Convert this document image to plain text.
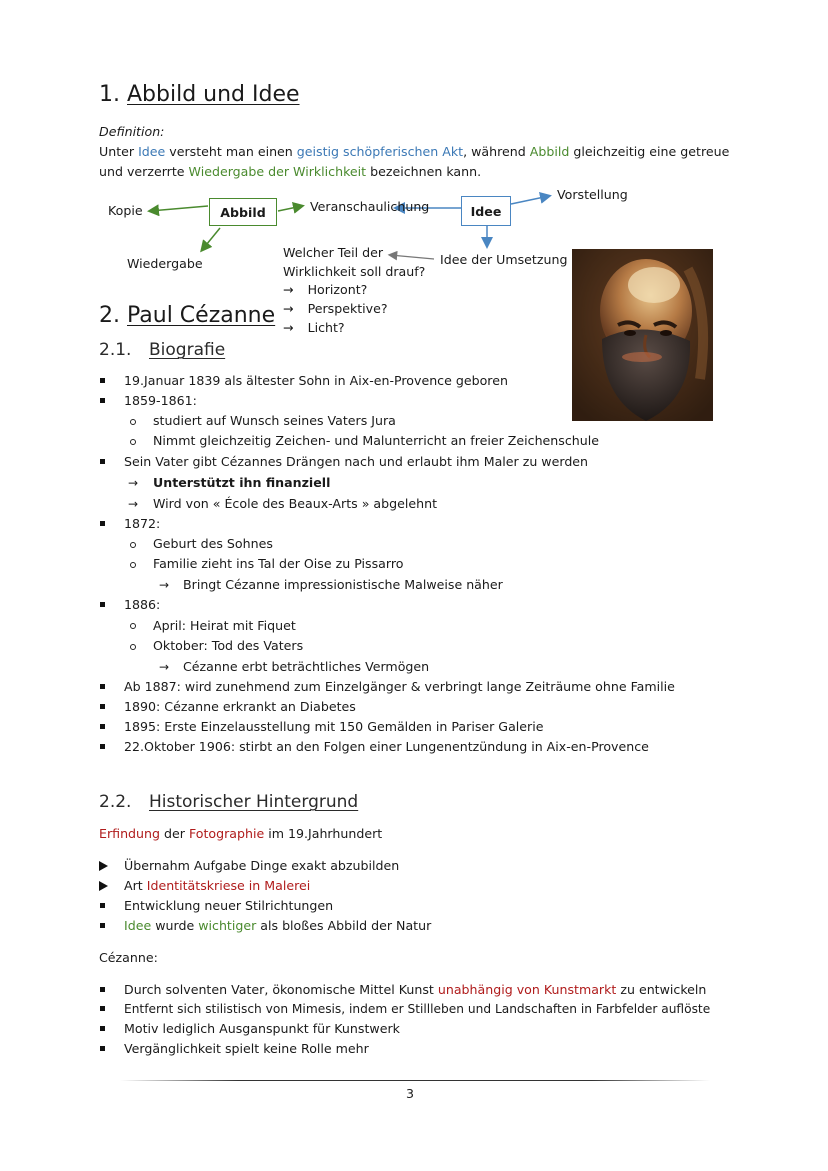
1. Abbild und Idee
Definition:
Unter Idee versteht man einen geistig schöpferischen Akt, während Abbild gleichzeitig eine getreue
und verzerrte Wiedergabe der Wirklichkeit bezeichnen kann.
Abbild	Idee
Kopie
Wiedergabe
Veranschaulichung
Vorstellung
Idee der Umsetzung
Welcher Teil der
Wirklichkeit soll drauf?
→ Horizont?
→ Perspektive?
→ Licht?
2. Paul Cézanne
2.1. Biografie
19.Januar 1839 als ältester Sohn in Aix-en-Provence geboren
1859-1861:
studiert auf Wunsch seines Vaters Jura
Nimmt gleichzeitig Zeichen- und Malunterricht an freier Zeichenschule
Sein Vater gibt Cézannes Drängen nach und erlaubt ihm Maler zu werden
→ Unterstützt ihn finanziell
→ Wird von « École des Beaux-Arts » abgelehnt
1872:
Geburt des Sohnes
Familie zieht ins Tal der Oise zu Pissarro
→ Bringt Cézanne impressionistische Malweise näher
1886:
April: Heirat mit Fiquet
Oktober: Tod des Vaters
→ Cézanne erbt beträchtliches Vermögen
Ab 1887: wird zunehmend zum Einzelgänger & verbringt lange Zeiträume ohne Familie
1890: Cézanne erkrankt an Diabetes
1895: Erste Einzelausstellung mit 150 Gemälden in Pariser Galerie
22.Oktober 1906: stirbt an den Folgen einer Lungenentzündung in Aix-en-Provence
2.2. Historischer Hintergrund
Erfindung der Fotographie im 19.Jahrhundert
Übernahm Aufgabe Dinge exakt abzubilden
Art Identitätskriese in Malerei
Entwicklung neuer Stilrichtungen
Idee wurde wichtiger als bloßes Abbild der Natur
Cézanne:
Durch solventen Vater, ökonomische Mittel Kunst unabhängig von Kunstmarkt zu entwickeln
Entfernt sich stilistisch von Mimesis, indem er Stillleben und Landschaften in Farbfelder auflöste
Motiv lediglich Ausganspunkt für Kunstwerk
Vergänglichkeit spielt keine Rolle mehr
3
